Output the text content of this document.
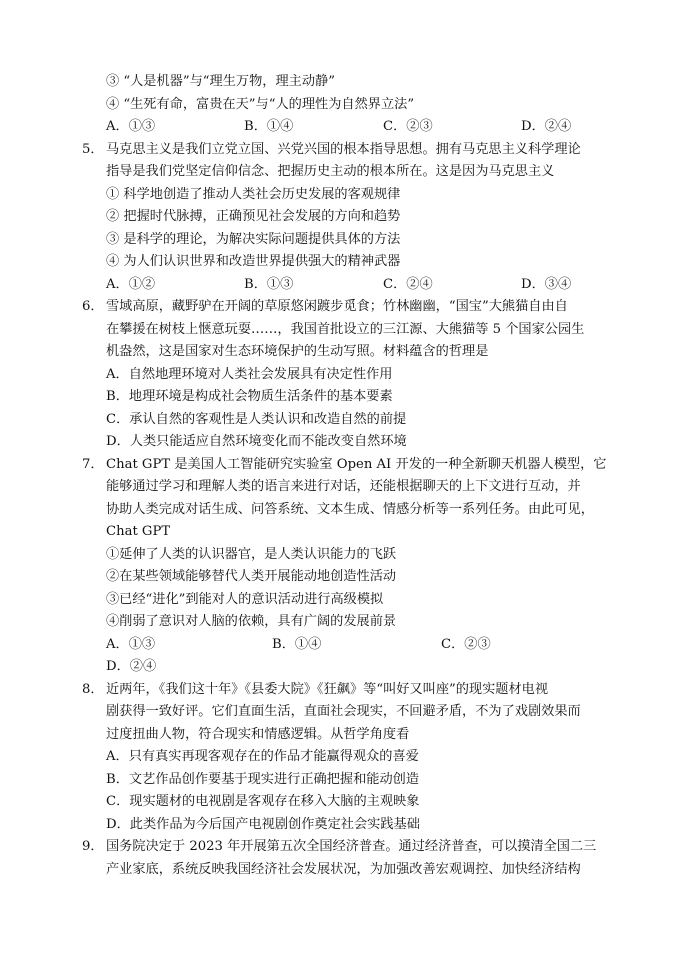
③ “人是机器”与“理生万物，理主动静”
④ “生死有命，富贵在天”与“人的理性为自然界立法”
A．①③	B．①④	C．②③	D．②④
5． 马克思主义是我们立党立国、兴党兴国的根本指导思想。拥有马克思主义科学理论
指导是我们党坚定信仰信念、把握历史主动的根本所在。这是因为马克思主义
① 科学地创造了推动人类社会历史发展的客观规律
② 把握时代脉搏，正确预见社会发展的方向和趋势
③ 是科学的理论，为解决实际问题提供具体的方法
④ 为人们认识世界和改造世界提供强大的精神武器
A．①②	B．①③	C．②④	D．③④
6． 雪域高原，藏野驴在开阔的草原悠闲踱步觅食；竹林幽幽，“国宝”大熊猫自由自
在攀援在树枝上惬意玩耍……，我国首批设立的三江源、大熊猫等 5 个国家公园生
机盎然，这是国家对生态环境保护的生动写照。材料蕴含的哲理是
A．自然地理环境对人类社会发展具有决定性作用
B．地理环境是构成社会物质生活条件的基本要素
C．承认自然的客观性是人类认识和改造自然的前提
D．人类只能适应自然环境变化而不能改变自然环境
7． Chat GPT 是美国人工智能研究实验室 Open AI 开发的一种全新聊天机器人模型，它
能够通过学习和理解人类的语言来进行对话，还能根据聊天的上下文进行互动，并
协助人类完成对话生成、问答系统、文本生成、情感分析等一系列任务。由此可见，
Chat GPT
①延伸了人类的认识器官，是人类认识能力的飞跃
②在某些领域能够替代人类开展能动地创造性活动
③已经“进化”到能对人的意识活动进行高级模拟
④削弱了意识对人脑的依赖，具有广阔的发展前景
A．①③	B．①④	C．②③
D．②④
8． 近两年，《我们这十年》《县委大院》《狂飙》等“叫好又叫座”的现实题材电视
剧获得一致好评。它们直面生活，直面社会现实，不回避矛盾，不为了戏剧效果而
过度扭曲人物，符合现实和情感逻辑。从哲学角度看
A．只有真实再现客观存在的作品才能赢得观众的喜爱
B．文艺作品创作要基于现实进行正确把握和能动创造
C．现实题材的电视剧是客观存在移入大脑的主观映象
D．此类作品为今后国产电视剧创作奠定社会实践基础
9． 国务院决定于 2023 年开展第五次全国经济普查。通过经济普查，可以摸清全国二三
产业家底，系统反映我国经济社会发展状况，为加强改善宏观调控、加快经济结构
